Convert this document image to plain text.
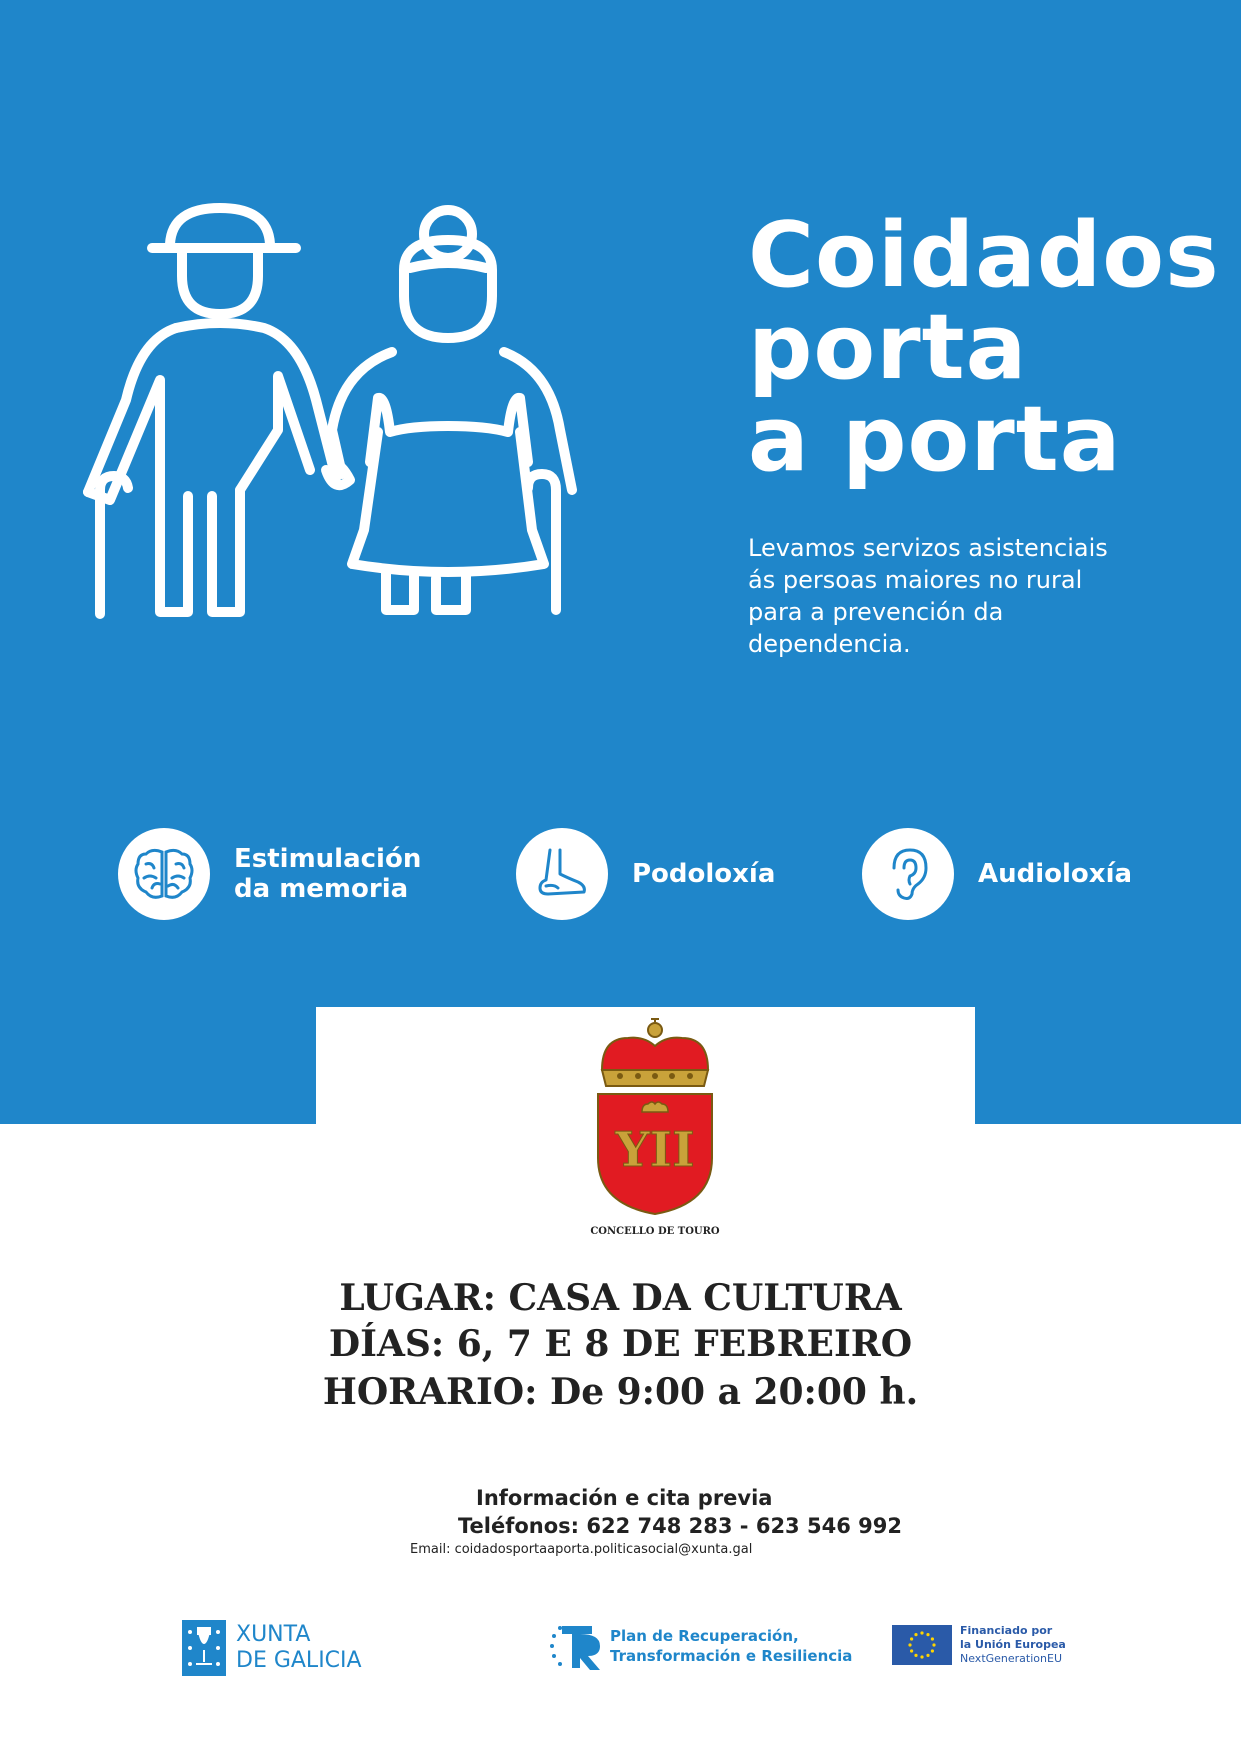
Coidados
porta
a porta
Levamos servizos asistenciais
ás persoas maiores no rural
para a prevención da
dependencia.
Estimulación
da memoria	Podoloxía	Audioloxía
YII
CONCELLO DE TOURO
LUGAR: CASA DA CULTURA
DÍAS: 6, 7 E 8 DE FEBREIRO
HORARIO: De 9:00 a 20:00 h.
Información e cita previa
Teléfonos: 622 748 283 - 623 546 992
Email: coidadosportaaporta.politicasocial@xunta.gal
XUNTA
DE GALICIA
Plan de Recuperación,
Transformación e Resiliencia
Financiado por
la Unión Europea
NextGenerationEU
